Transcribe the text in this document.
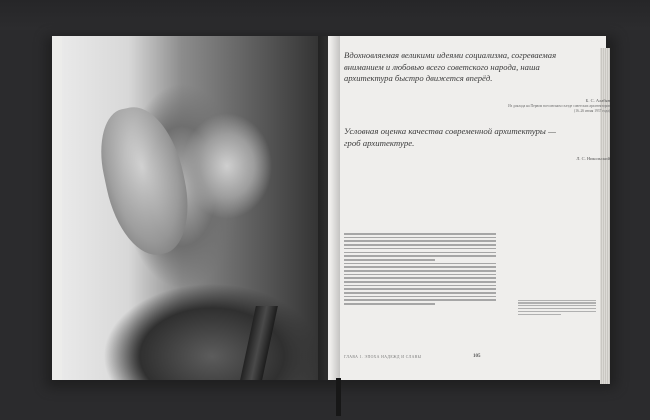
Вдохновляемая великими идеями социализма, согреваемая вниманием и любовью всего советского народа, наша архитектура быстро движется вперёд.

Б. С. Алабян

Из доклада на Первом всесоюзном съезде советских архитекторов (16–26 июня 1937 года)

Условная оценка качества современной архитектуры — гроб архитектуре.

Л. С. Никольский

105

ГЛАВА 1. ЭПОХА НАДЕЖД И СЛАВЫ
